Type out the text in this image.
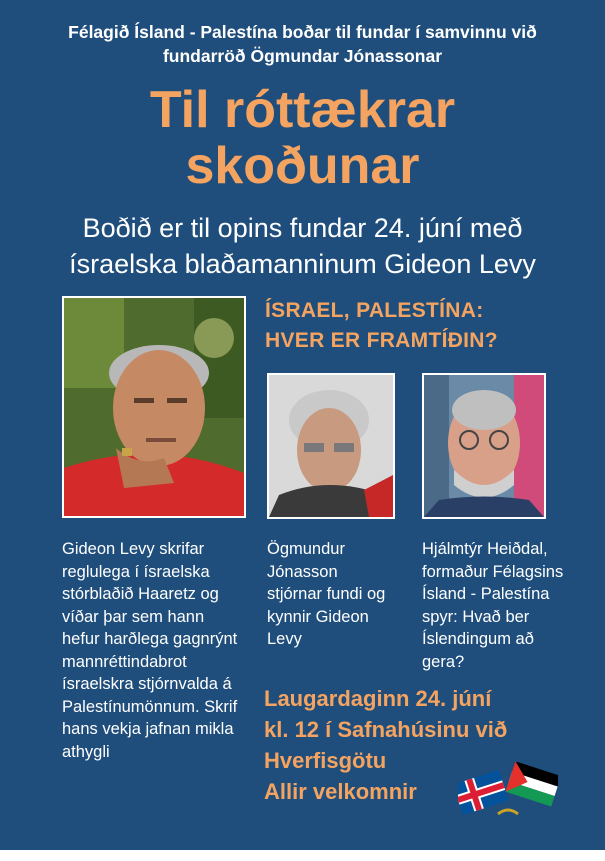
Félagið Ísland - Palestína boðar til fundar í samvinnu við
fundarröð Ögmundar Jónassonar
Til róttækrar
skoðunar
Boðið er til opins fundar 24. júní með
ísraelska blaðamanninum Gideon Levy
ÍSRAEL, PALESTÍNA:
HVER ER FRAMTÍÐIN?
Gideon Levy skrifar
reglulega í ísraelska
stórblaðið Haaretz og
víðar þar sem hann
hefur harðlega gagnrýnt
mannréttindabrot
ísraelskra stjórnvalda á
Palestínumönnum. Skrif
hans vekja jafnan mikla
athygli
Ögmundur
Jónasson
stjórnar fundi og
kynnir Gideon
Levy
Hjálmtýr Heiðdal,
formaður Félagsins
Ísland - Palestína
spyr: Hvað ber
Íslendingum að
gera?
Laugardaginn 24. júní
kl. 12 í Safnahúsinu við
Hverfisgötu
Allir velkomnir
